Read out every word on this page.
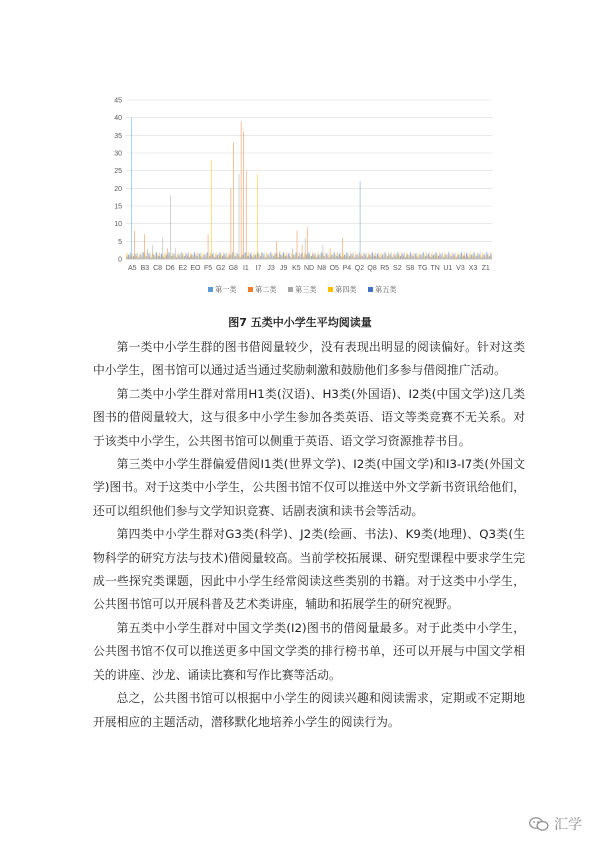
0
5
10
15
20
25
30
35
40
45
A5 B3 C8 D6 E2 EO F5 G2 G8 I1 I7 J3 J9 K5 ND N8 O5 P4 Q2 Q8 R5 S2 S8 TG TN U1 V3 X3 Z1
第一类	第二类	第三类	第四类	第五类
图7 五类中小学生平均阅读量

第一类中小学生群的图书借阅量较少，没有表现出明显的阅读偏好。针对这类中小学生，图书馆可以通过适当通过奖励刺激和鼓励他们多参与借阅推广活动。

第二类中小学生群对常用H1类(汉语)、H3类(外国语)、I2类(中国文学)这几类图书的借阅量较大，这与很多中小学生参加各类英语、语文等类竞赛不无关系。对于该类中小学生，公共图书馆可以侧重于英语、语文学习资源推荐书目。

第三类中小学生群偏爱借阅I1类(世界文学)、I2类(中国文学)和I3-I7类(外国文学)图书。对于这类中小学生，公共图书馆不仅可以推送中外文学新书资讯给他们，还可以组织他们参与文学知识竞赛、话剧表演和读书会等活动。

第四类中小学生群对G3类(科学)、J2类(绘画、书法)、K9类(地理)、Q3类(生物科学的研究方法与技术)借阅量较高。当前学校拓展课、研究型课程中要求学生完成一些探究类课题，因此中小学生经常阅读这些类别的书籍。对于这类中小学生，公共图书馆可以开展科普及艺术类讲座，辅助和拓展学生的研究视野。

第五类中小学生群对中国文学类(I2)图书的借阅量最多。对于此类中小学生，公共图书馆不仅可以推送更多中国文学类的排行榜书单，还可以开展与中国文学相关的讲座、沙龙、诵读比赛和写作比赛等活动。

总之，公共图书馆可以根据中小学生的阅读兴趣和阅读需求，定期或不定期地开展相应的主题活动，潜移默化地培养小学生的阅读行为。

汇学
